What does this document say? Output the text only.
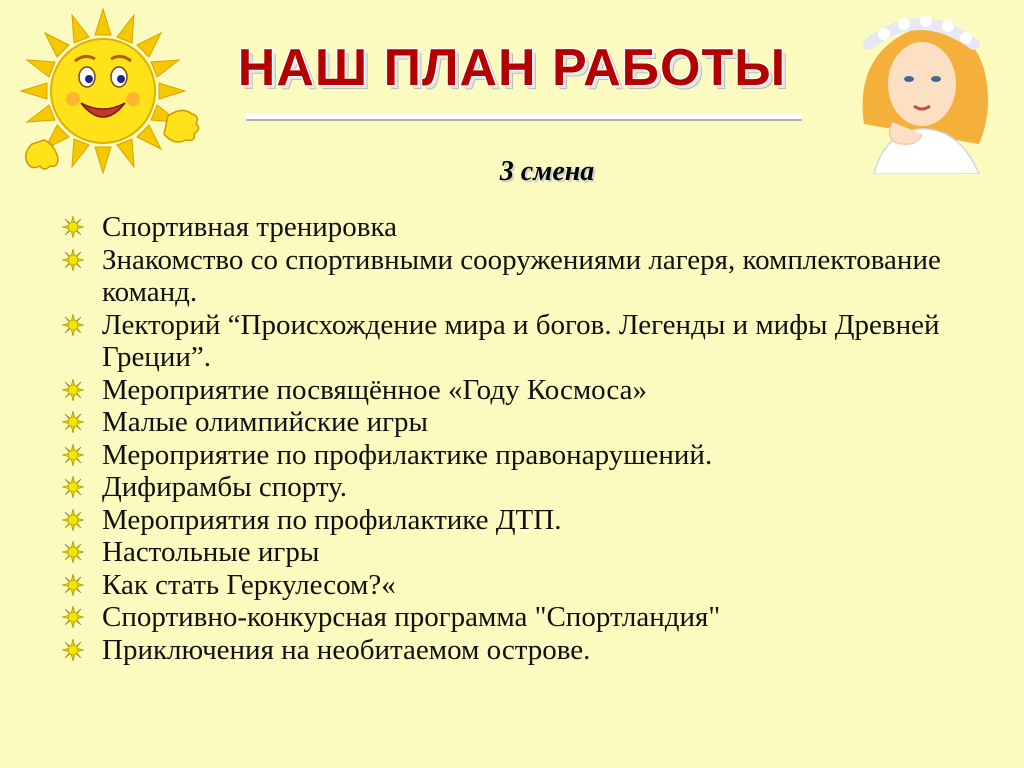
НАШ ПЛАН РАБОТЫ
3 смена
Спортивная тренировка
Знакомство со спортивными сооружениями лагеря, комплектование команд.
Лекторий “Происхождение мира и богов. Легенды и мифы Древней Греции”.
Мероприятие посвящённое «Году Космоса»
Малые олимпийские игры
Мероприятие по профилактике правонарушений.
Дифирамбы спорту.
Мероприятия по профилактике ДТП.
Настольные игры
Как стать Геркулесом?«
Спортивно-конкурсная программа "Спортландия"
Приключения на необитаемом острове.
